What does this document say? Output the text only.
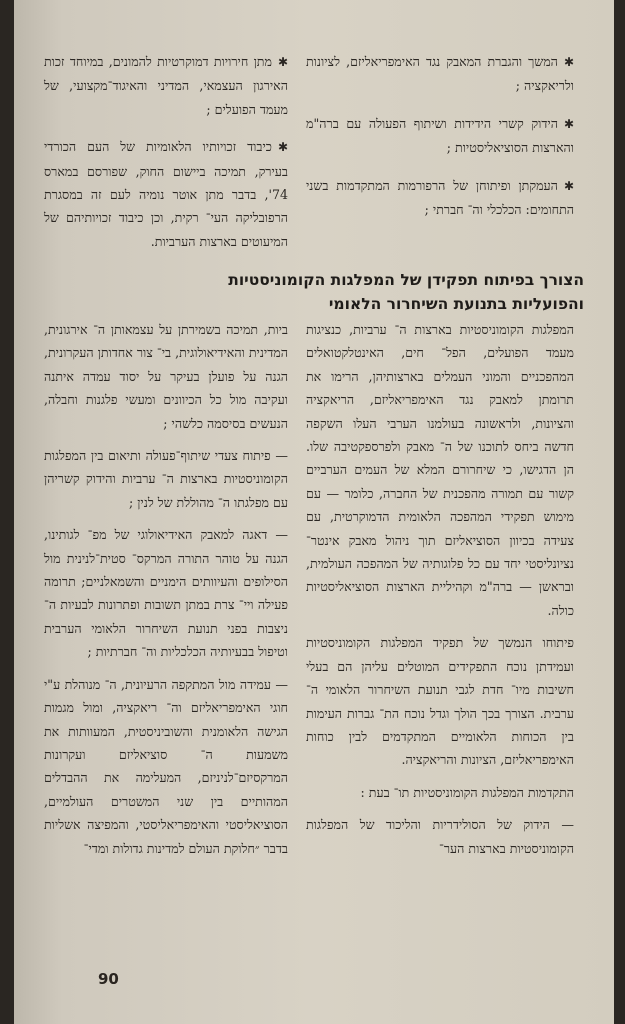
✱המשך והגברת המאבק נגד האימפריאליזם, לציונות ולריאקציה ;
✱הידוק קשרי הידידות ושיתוף הפעולה עם ברה"מ והארצות הסוציאליסטיות ;
✱העמקתן ופיתוחן של הרפורמות המתקדמות בשני התחומים: הכלכלי וה־ חברתי ;
✱מתן חירויות דמוקרטיות להמונים, במיוחד זכות האירגון העצמאי, המדיני והאיגוד־מקצועי, של מעמד הפועלים ;
✱כיבוד זכויותיו הלאומיות של העם הכורדי בעירק, תמיכה ביישום החוק, שפורסם במארס 74', בדבר מתן אוטר נומיה לעם זה במסגרת הרפובליקה העי־ רקית, וכן כיבוד זכויותיהם של המיעוטים בארצות הערביות.
הצורך בפיתוח תפקידן של המפלגות הקומוניסטיות
והפועליות בתנועת השיחרור הלאומי

המפלגות הקומוניסטיות בארצות ה־ ערביות, כנציגות מעמד הפועלים, הפל־ חים, האינטלקטואלים המהפכניים והמוני העמלים בארצותיהן, הרימו את תרומתן למאבק נגד האימפריאליזם, הריאקציה והציונות, ולראשונה בעולמנו הערבי העלו השקפה חדשה ביחס לתוכנו של ה־ מאבק ולפרספקטיבה שלו. הן הדגישו, כי שיחרורם המלא של העמים הערביים קשור עם תמורה מהפכנית של החברה, כלומר — עם מימוש תפקידי המהפכה הלאומית הדמוקרטית, עם צעידה בכיוון הסוציאליזם תוך ניהול מאבק אינטר־ נציונליסטי יחד עם כל פלוגותיה של המהפכה העולמית, ובראשן — ברה"מ וקהיליית הארצות הסוציאליסטיות כולה.

פיתוחו הנמשך של תפקיד המפלגות הקומוניסטיות ועמידתן נוכח התפקידים המוטלים עליהן הם בעלי חשיבות מיו־ חדת לגבי תנועת השיחרור הלאומי ה־ ערבית. הצורך בכך הולך וגדל נוכח הת־ גברות העימות בין הכוחות הלאומיים המתקדמים לבין כוחות האימפריאליזם, הציונות והריאקציה.

התקדמות המפלגות הקומוניסטיות תו־ בעת :

— הידוק של הסולידריות והליכוד של המפלגות הקומוניסטיות בארצות הער־

ביות, תמיכה בשמירתן על עצמאותן ה־ אירגונית, המדינית והאידיאולוגית, בי־ צור אחדותן העקרונית, הגנה על פועלן בעיקר על יסוד עמדה איתנה ועקיבה מול כל הכיוונים ומעשי פלגנות וחבלה, הנעשים בסיסמה כלשהי ;

— פיתוח צעדי שיתוף־פעולה ותיאום בין המפלגות הקומוניסטיות בארצות ה־ ערביות והידוק קשריהן עם מפלגתו ה־ מהוללת של לנין ;

— דאגה למאבק האידיאולוגי של מפ־ לגותינו, הגנה על טוהר התורה המרקס־ סטית־לנינית מול הסילופים והעיוותים הימניים והשמאלניים; תרומה פעילה ויי־ צרת במתן תשובות ופתרונות לבעיות ה־ ניצבות בפני תנועת השיחרור הלאומי הערבית וטיפול בבעיותיה הכלכליות וה־ חברתיות ;

— עמידה מול המתקפה הרעיונית, ה־ מנוהלת ע"י חוגי האימפריאליזם וה־ ריאקציה, ומול מגמות הגישה הלאומנית והשוביניסטית, המעוותות את משמעות ה־ סוציאליזם ועקרונות המרקסיזם־לניניזם, המעלימה את ההבדלים המהותיים בין שני המשטרים העולמיים, הסוציאליסטי והאימפריאליסטי, והמפיצה אשליות בדבר ״חלוקת העולם למדינות גדולות ומדי־

90
